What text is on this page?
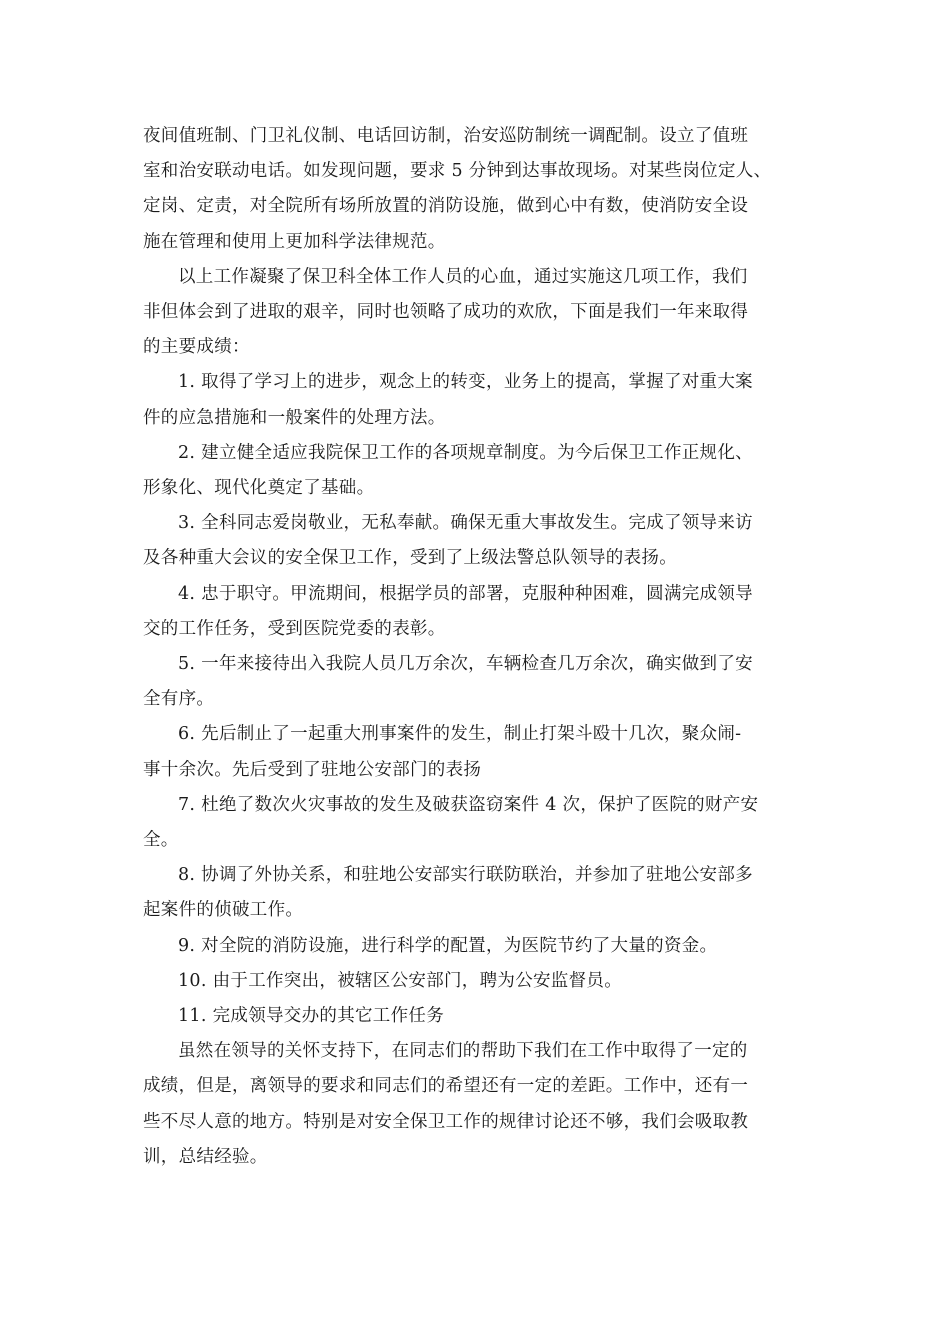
夜间值班制、门卫礼仪制、电话回访制，治安巡防制统一调配制。设立了值班
室和治安联动电话。如发现问题，要求 5 分钟到达事故现场。对某些岗位定人、
定岗、定责，对全院所有场所放置的消防设施，做到心中有数，使消防安全设
施在管理和使用上更加科学法律规范。

以上工作凝聚了保卫科全体工作人员的心血，通过实施这几项工作，我们
非但体会到了进取的艰辛，同时也领略了成功的欢欣，下面是我们一年来取得
的主要成绩：

1. 取得了学习上的进步，观念上的转变，业务上的提高，掌握了对重大案
件的应急措施和一般案件的处理方法。

2. 建立健全适应我院保卫工作的各项规章制度。为今后保卫工作正规化、
形象化、现代化奠定了基础。

3. 全科同志爱岗敬业，无私奉献。确保无重大事故发生。完成了领导来访
及各种重大会议的安全保卫工作，受到了上级法警总队领导的表扬。

4. 忠于职守。甲流期间，根据学员的部署，克服种种困难，圆满完成领导
交的工作任务，受到医院党委的表彰。

5. 一年来接待出入我院人员几万余次，车辆检查几万余次，确实做到了安
全有序。

6. 先后制止了一起重大刑事案件的发生，制止打架斗殴十几次，聚众闹-
事十余次。先后受到了驻地公安部门的表扬

7. 杜绝了数次火灾事故的发生及破获盗窃案件 4 次，保护了医院的财产安
全。

8. 协调了外协关系，和驻地公安部实行联防联治，并参加了驻地公安部多
起案件的侦破工作。

9. 对全院的消防设施，进行科学的配置，为医院节约了大量的资金。

10. 由于工作突出，被辖区公安部门，聘为公安监督员。

11. 完成领导交办的其它工作任务

虽然在领导的关怀支持下，在同志们的帮助下我们在工作中取得了一定的
成绩，但是，离领导的要求和同志们的希望还有一定的差距。工作中，还有一
些不尽人意的地方。特别是对安全保卫工作的规律讨论还不够，我们会吸取教
训，总结经验。
